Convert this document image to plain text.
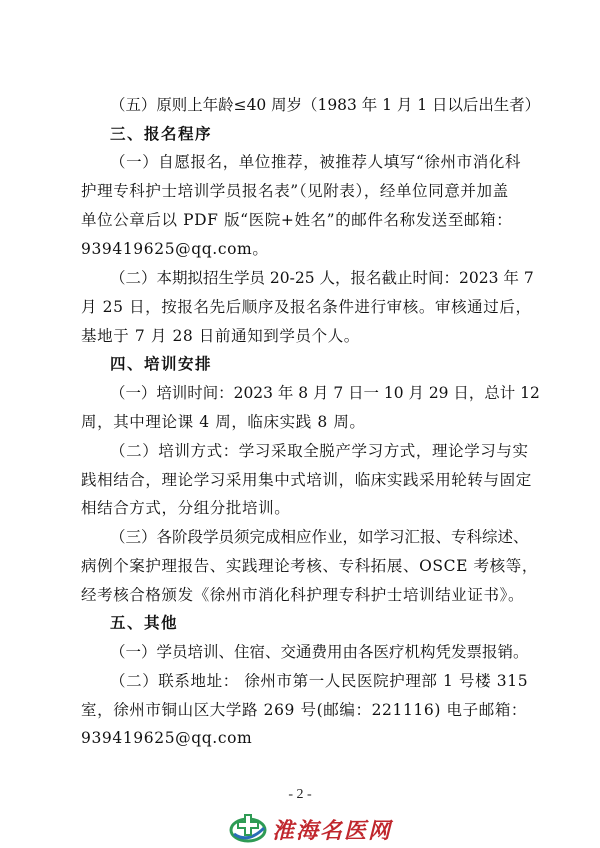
（五）原则上年龄≤40 周岁（1983 年 1 月 1 日以后出生者）
三、报名程序
（一）自愿报名，单位推荐，被推荐人填写“徐州市消化科
护理专科护士培训学员报名表”（见附表），经单位同意并加盖
单位公章后以 PDF 版“医院+姓名”的邮件名称发送至邮箱：
939419625@qq.com。
（二）本期拟招生学员 20-25 人，报名截止时间：2023 年 7
月 25 日，按报名先后顺序及报名条件进行审核。审核通过后，
基地于 7 月 28 日前通知到学员个人。
四、培训安排
（一）培训时间：2023 年 8 月 7 日一 10 月 29 日，总计 12
周，其中理论课 4 周，临床实践 8 周。
（二）培训方式：学习采取全脱产学习方式，理论学习与实
践相结合，理论学习采用集中式培训，临床实践采用轮转与固定
相结合方式，分组分批培训。
（三）各阶段学员须完成相应作业，如学习汇报、专科综述、
病例个案护理报告、实践理论考核、专科拓展、OSCE 考核等，
经考核合格颁发《徐州市消化科护理专科护士培训结业证书》。
五、其他
（一）学员培训、住宿、交通费用由各医疗机构凭发票报销。
（二）联系地址： 徐州市第一人民医院护理部 1 号楼 315
室，徐州市铜山区大学路 269 号(邮编：221116) 电子邮箱：
939419625@qq.com
- 2 -
淮海名医网
